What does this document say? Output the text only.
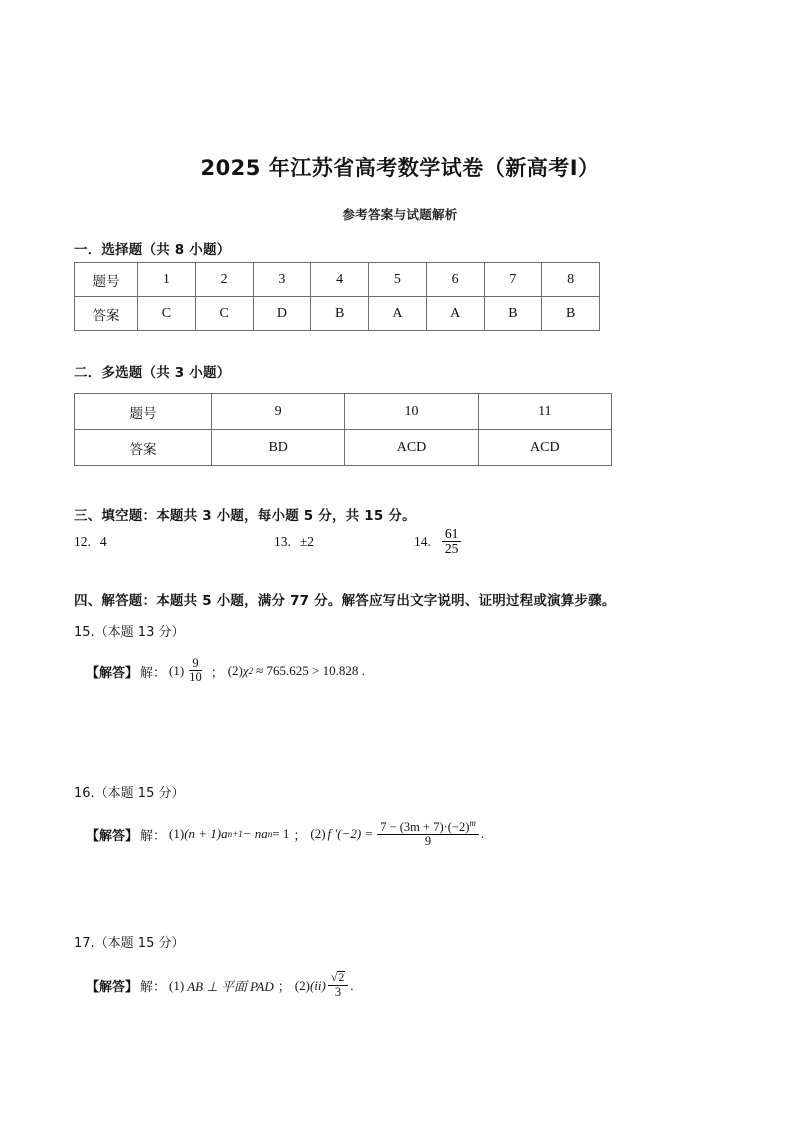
2025 年江苏省高考数学试卷（新高考Ⅰ）
参考答案与试题解析
一．选择题（共 8 小题）
题号	1	2	3	4	5	6	7	8
答案	C	C	D	B	A	A	B	B
二．多选题（共 3 小题）
题号	9	10	11
答案	BD	ACD	ACD
三、填空题：本题共 3 小题，每小题 5 分，共 15 分。
12. 4	13. ±2	14. $\frac{61}{25}$
四、解答题：本题共 5 小题，满分 77 分。解答应写出文字说明、证明过程或演算步骤。
15.（本题 13 分）
【解答】 解： $(1) \frac{9}{10}$ ； (2) χ 2 ≈ 765.625 > 10.828 .
16.（本题 15 分）
【解答】 解： (1) (n + 1)a n+1 − na n = 1 ； (2) f $'(-2) = \frac{7 - (3m + 7)\cdot(-2)^m}{9}$ .
17.（本题 15 分）
【解答】 解： (1) AB ⊥ 平面 PAD ； (2) $(ii) \frac{√ 2}{3}$ .
